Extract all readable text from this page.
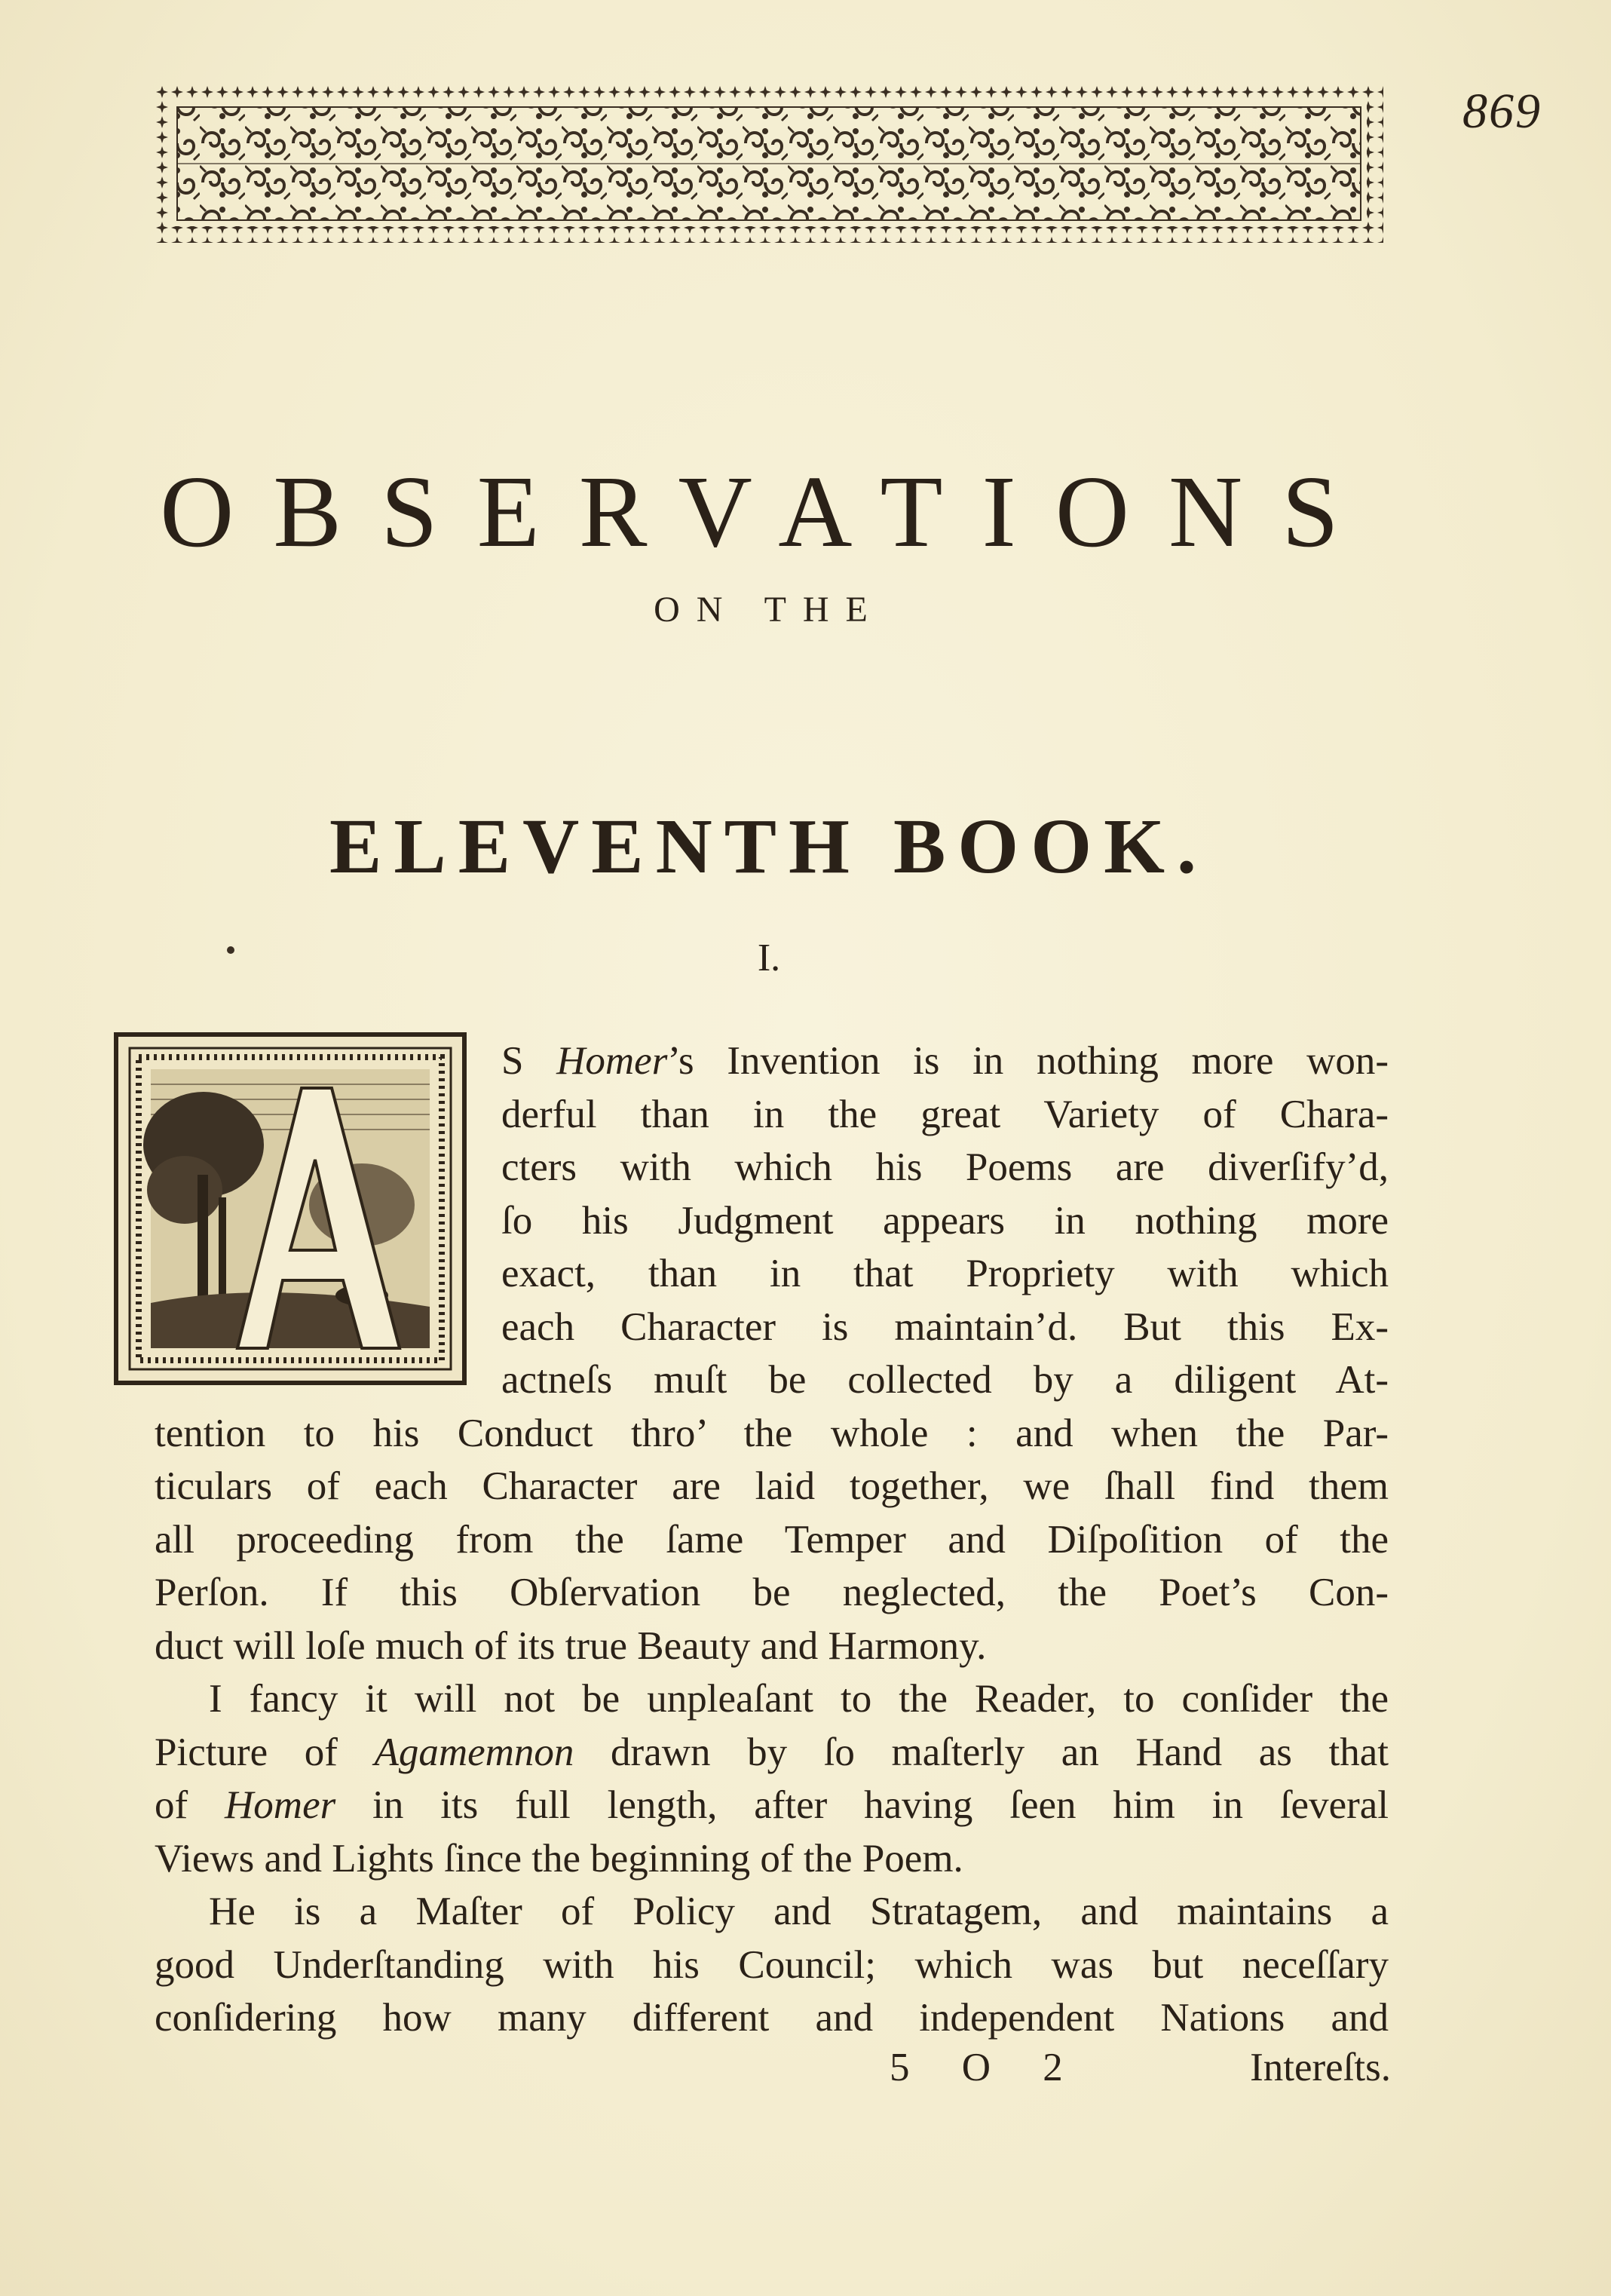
869
OBSERVATIONS
ON THE
ELEVENTH BOOK.
I.
S Homer’s Invention is in nothing more won-
derful than in the great Variety of Chara-
cters with which his Poems are diverſify’d,
ſo his Judgment appears in nothing more
exact, than in that Propriety with which
each Character is maintain’d. But this Ex-
actneſs muſt be collected by a diligent At-
tention to his Conduct thro’ the whole : and when the Par-
ticulars of each Character are laid together, we ſhall find them
all proceeding from the ſame Temper and Diſpoſition of the
Perſon. If this Obſervation be neglected, the Poet’s Con-
duct will loſe much of its true Beauty and Harmony.
I fancy it will not be unpleaſant to the Reader, to conſider the
Picture of Agamemnon drawn by ſo maſterly an Hand as that
of Homer in its full length, after having ſeen him in ſeveral
Views and Lights ſince the beginning of the Poem.
He is a Maſter of Policy and Stratagem, and maintains a
good Underſtanding with his Council; which was but neceſſary
conſidering how many different and independent Nations and
5 O 2	Intereſts.
